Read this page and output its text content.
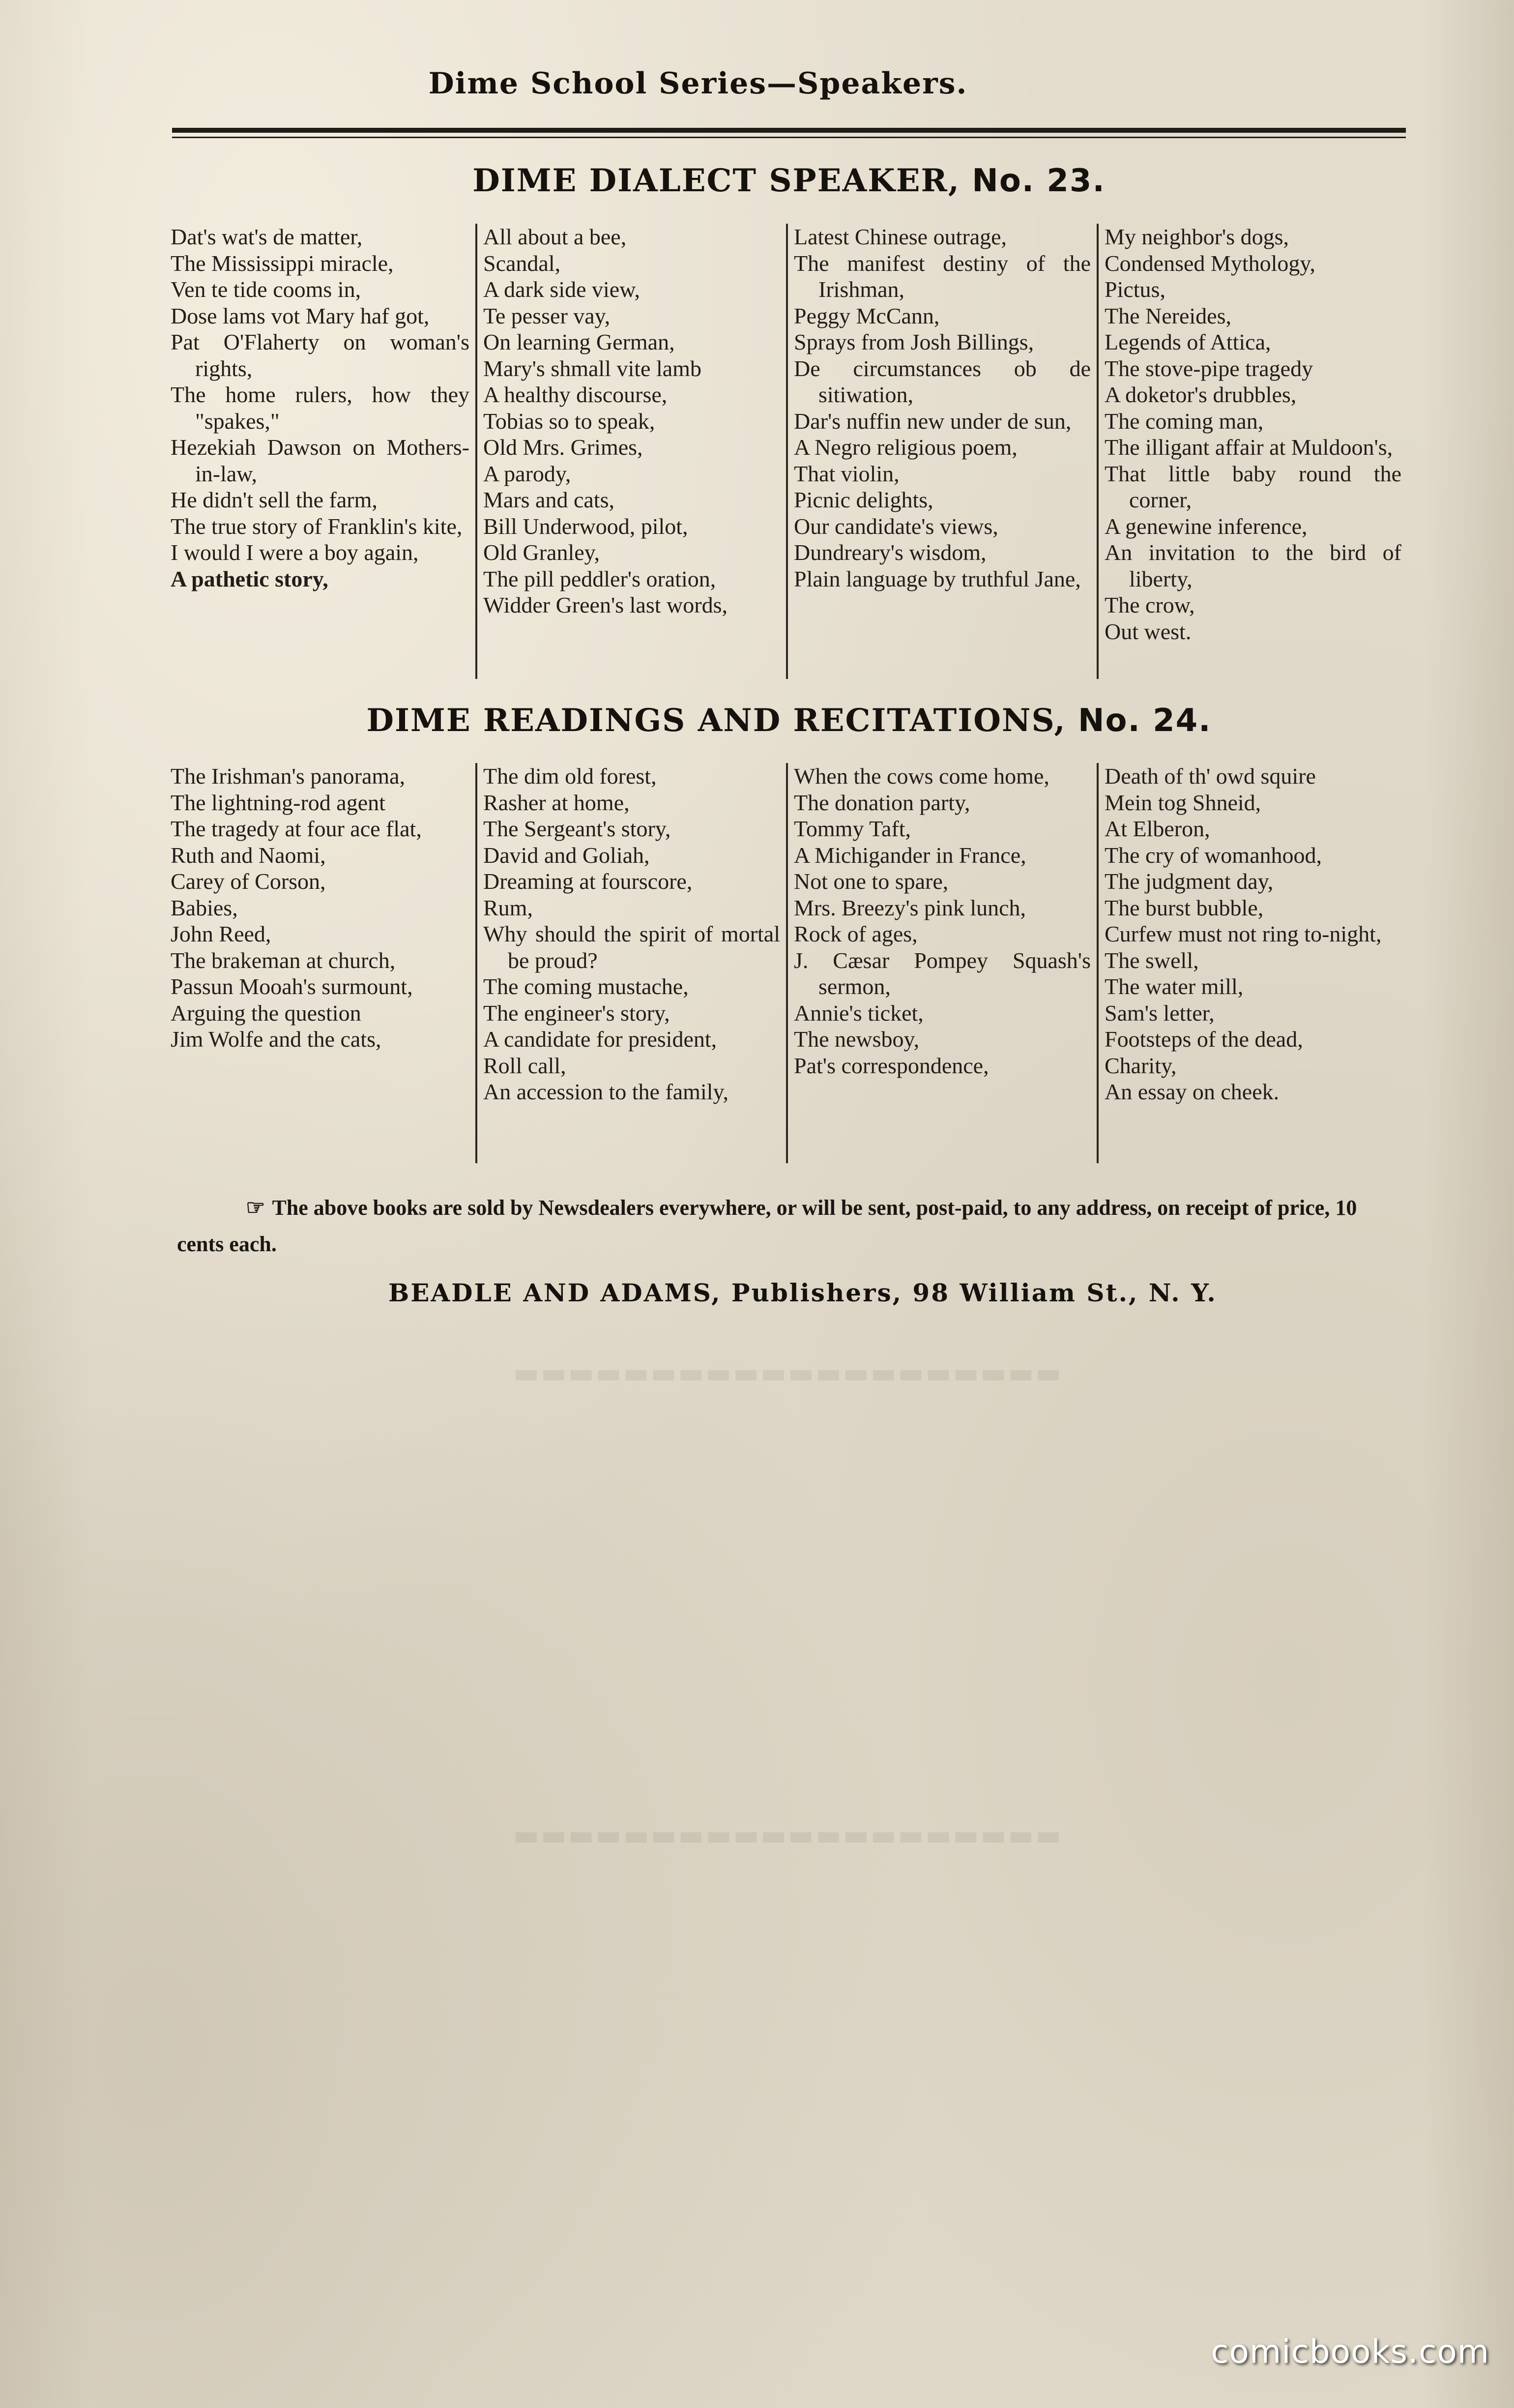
Dime School Series—Speakers.
DIME DIALECT SPEAKER, No. 23.
Dat's wat's de matter,
The Mississippi miracle,
Ven te tide cooms in,
Dose lams vot Mary haf got,
Pat O'Flaherty on woman's rights,
The home rulers, how they "spakes,"
Hezekiah Dawson on Mothers-in-law,
He didn't sell the farm,
The true story of Franklin's kite,
I would I were a boy again,
A pathetic story,
All about a bee,
Scandal,
A dark side view,
Te pesser vay,
On learning German,
Mary's shmall vite lamb
A healthy discourse,
Tobias so to speak,
Old Mrs. Grimes,
A parody,
Mars and cats,
Bill Underwood, pilot,
Old Granley,
The pill peddler's oration,
Widder Green's last words,
Latest Chinese outrage,
The manifest destiny of the Irishman,
Peggy McCann,
Sprays from Josh Billings,
De circumstances ob de sitiwation,
Dar's nuffin new under de sun,
A Negro religious poem,
That violin,
Picnic delights,
Our candidate's views,
Dundreary's wisdom,
Plain language by truthful Jane,
My neighbor's dogs,
Condensed Mythology,
Pictus,
The Nereides,
Legends of Attica,
The stove-pipe tragedy
A doketor's drubbles,
The coming man,
The illigant affair at Muldoon's,
That little baby round the corner,
A genewine inference,
An invitation to the bird of liberty,
The crow,
Out west.
DIME READINGS AND RECITATIONS, No. 24.
The Irishman's panorama,
The lightning-rod agent
The tragedy at four ace flat,
Ruth and Naomi,
Carey of Corson,
Babies,
John Reed,
The brakeman at church,
Passun Mooah's surmount,
Arguing the question
Jim Wolfe and the cats,
The dim old forest,
Rasher at home,
The Sergeant's story,
David and Goliah,
Dreaming at fourscore,
Rum,
Why should the spirit of mortal be proud?
The coming mustache,
The engineer's story,
A candidate for president,
Roll call,
An accession to the family,
When the cows come home,
The donation party,
Tommy Taft,
A Michigander in France,
Not one to spare,
Mrs. Breezy's pink lunch,
Rock of ages,
J. Cæsar Pompey Squash's sermon,
Annie's ticket,
The newsboy,
Pat's correspondence,
Death of th' owd squire
Mein tog Shneid,
At Elberon,
The cry of womanhood,
The judgment day,
The burst bubble,
Curfew must not ring to-night,
The swell,
The water mill,
Sam's letter,
Footsteps of the dead,
Charity,
An essay on cheek.
☞ The above books are sold by Newsdealers everywhere, or will be sent, post-paid, to any address, on receipt of price, 10 cents each.
BEADLE AND ADAMS, Publishers, 98 William St., N. Y.
▬▬▬▬▬▬▬▬▬▬▬▬▬▬▬▬▬▬▬▬
▬▬▬▬▬▬▬▬▬▬▬▬▬▬▬▬▬▬▬▬
comicbooks.com
